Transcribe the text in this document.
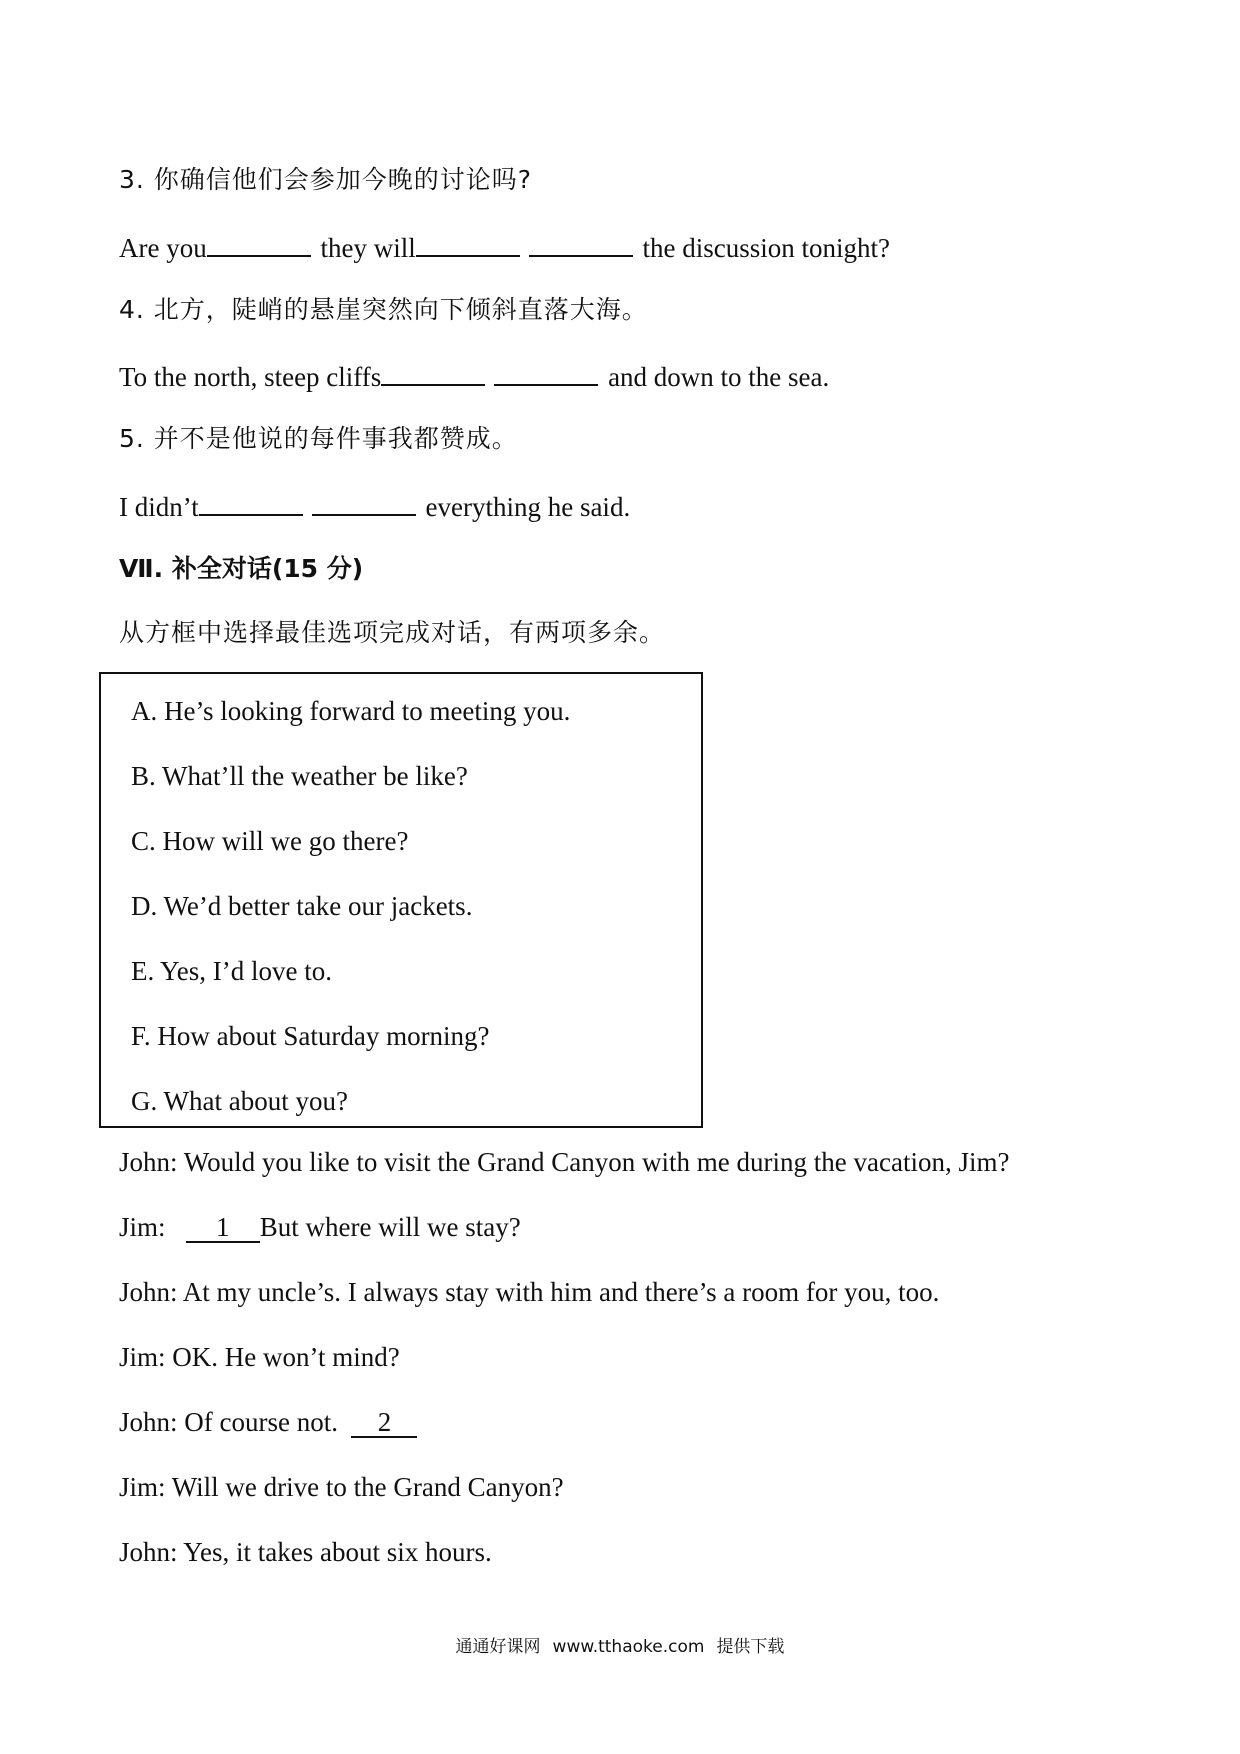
3. 你确信他们会参加今晚的讨论吗?
Are you	they will	the discussion tonight?
4. 北方，陡峭的悬崖突然向下倾斜直落大海。
To the north, steep cliffs	and down to the sea.
5. 并不是他说的每件事我都赞成。
I didn’t	everything he said.
Ⅶ. 补全对话(15 分)
从方框中选择最佳选项完成对话，有两项多余。
A. He’s looking forward to meeting you.
B. What’ll the weather be like?
C. How will we go there?
D. We’d better take our jackets.
E. Yes, I’d love to.
F. How about Saturday morning?
G. What about you?
John: Would you like to visit the Grand Canyon with me during the vacation, Jim?
Jim:   1 But where will we stay?
John: At my uncle’s. I always stay with him and there’s a room for you, too.
Jim: OK. He won’t mind?
John: Of course not.  2
Jim: Will we drive to the Grand Canyon?
John: Yes, it takes about six hours.
通通好课网 www.tthaoke.com 提供下载
